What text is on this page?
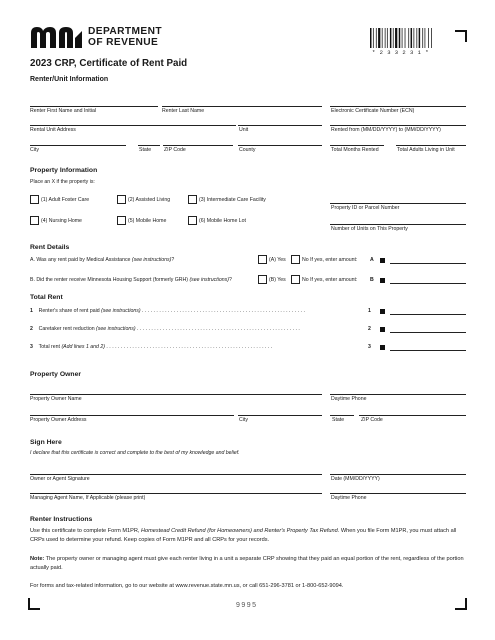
DEPARTMENT
OF REVENUE
* 2 3 3 2 3 1 *
2023 CRP, Certificate of Rent Paid
Renter/Unit Information
Renter First Name and Initial	Renter Last Name	Electronic Certificate Number (ECN)
Rental Unit Address	Unit	Rented from (MM/DD/YYYY) to (MM/DD/YYYY)
City	State ZIP Code	County	Total Months Rented	Total Adults Living in Unit
Property Information
Place an X if the property is:
(1) Adult Foster Care	(2) Assisted Living	(3) Intermediate Care Facility
(4) Nursing Home	(5) Mobile Home	(6) Mobile Home Lot
Property ID or Parcel Number
Number of Units on This Property
Rent Details
A. Was any rent paid by Medical Assistance (see instructions)?	(A) Yes	No If yes, enter amount: A
B. Did the renter receive Minnesota Housing Support (formerly GRH) (see instructions)?	(B) Yes	No If yes, enter amount: B
Total Rent
1 Renter's share of rent paid (see instructions) . . . . . . . . . . . . . . . . . . . . . . . . . . . . . . . . . . . . . . . . . . . . . . . . . . . . . . . . .	1
2 Caretaker rent reduction (see instructions) . . . . . . . . . . . . . . . . . . . . . . . . . . . . . . . . . . . . . . . . . . . . . . . . . . . . . . . . .	2
3 Total rent (Add lines 1 and 2) . . . . . . . . . . . . . . . . . . . . . . . . . . . . . . . . . . . . . . . . . . . . . . . . . . . . . . . . . .	3
Property Owner
Property Owner Name	Daytime Phone
Property Owner Address	City	State	ZIP Code
Sign Here
I declare that this certificate is correct and complete to the best of my knowledge and belief.
Owner or Agent Signature	Date (MM/DD/YYYY)
Managing Agent Name, If Applicable (please print)	Daytime Phone
Renter Instructions
Use this certificate to complete Form M1PR, Homestead Credit Refund (for Homeowners) and Renter's Property Tax Refund. When you file Form M1PR, you must attach all CRPs used to determine your refund. Keep copies of Form M1PR and all CRPs for your records.
Note: The property owner or managing agent must give each renter living in a unit a separate CRP showing that they paid an equal portion of the rent, regardless of the portion actually paid.
For forms and tax-related information, go to our website at www.revenue.state.mn.us, or call 651-296-3781 or 1-800-652-9094.
9995
